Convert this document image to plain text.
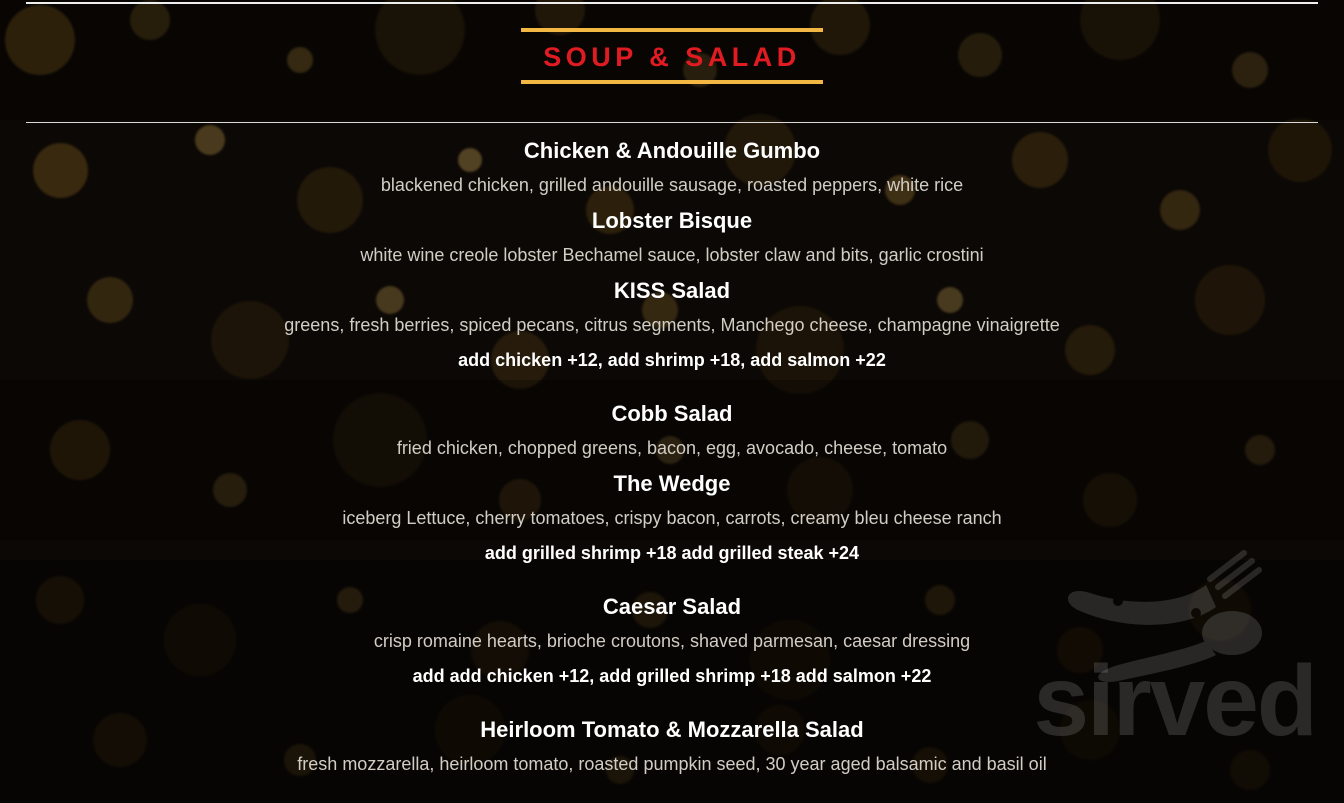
SOUP & SALAD
Chicken & Andouille Gumbo
blackened chicken, grilled andouille sausage, roasted peppers, white rice
Lobster Bisque
white wine creole lobster Bechamel sauce, lobster claw and bits, garlic crostini
KISS Salad
greens, fresh berries, spiced pecans, citrus segments, Manchego cheese, champagne vinaigrette
add chicken +12, add shrimp +18, add salmon +22
Cobb Salad
fried chicken, chopped greens, bacon, egg, avocado, cheese, tomato
The Wedge
iceberg Lettuce, cherry tomatoes, crispy bacon, carrots, creamy bleu cheese ranch
add grilled shrimp +18 add grilled steak +24
Caesar Salad
crisp romaine hearts, brioche croutons, shaved parmesan, caesar dressing
add add chicken +12, add grilled shrimp +18 add salmon +22
Heirloom Tomato & Mozzarella Salad
fresh mozzarella, heirloom tomato, roasted pumpkin seed, 30 year aged balsamic and basil oil
sirved
